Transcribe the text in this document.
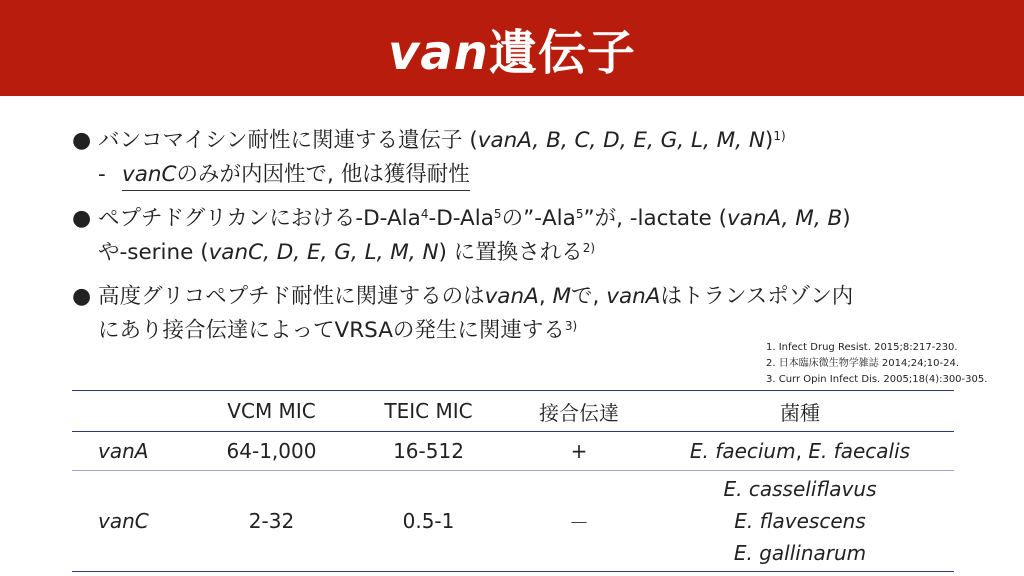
van遺伝子
● バンコマイシン耐性に関連する遺伝子 (vanA, B, C, D, E, G, L, M, N)$^{1)}$
- vanCのみが内因性で, 他は獲得耐性
● ペプチドグリカンにおける-D-Ala$^4$-D-Ala$^5$の”-Ala$^5$”が, -lactate (vanA, M, B)
や-serine (vanC, D, E, G, L, M, N) に置換される$^{2)}$
● 高度グリコペプチド耐性に関連するのはvanA, Mで, vanAはトランスポゾン内
にあり接合伝達によってVRSAの発生に関連する$^{3)}$
1. Infect Drug Resist. 2015;8:217-230.
2. 日本臨床微生物学雑誌 2014;24;10-24.
3. Curr Opin Infect Dis. 2005;18(4):300-305.
	VCM MIC	TEIC MIC	接合伝達	菌種
vanA	64-1,000	16-512	+	E. faecium, E. faecalis
vanC	2-32	0.5-1	－	E. casseliflavus
E. flavescens
E. gallinarum
